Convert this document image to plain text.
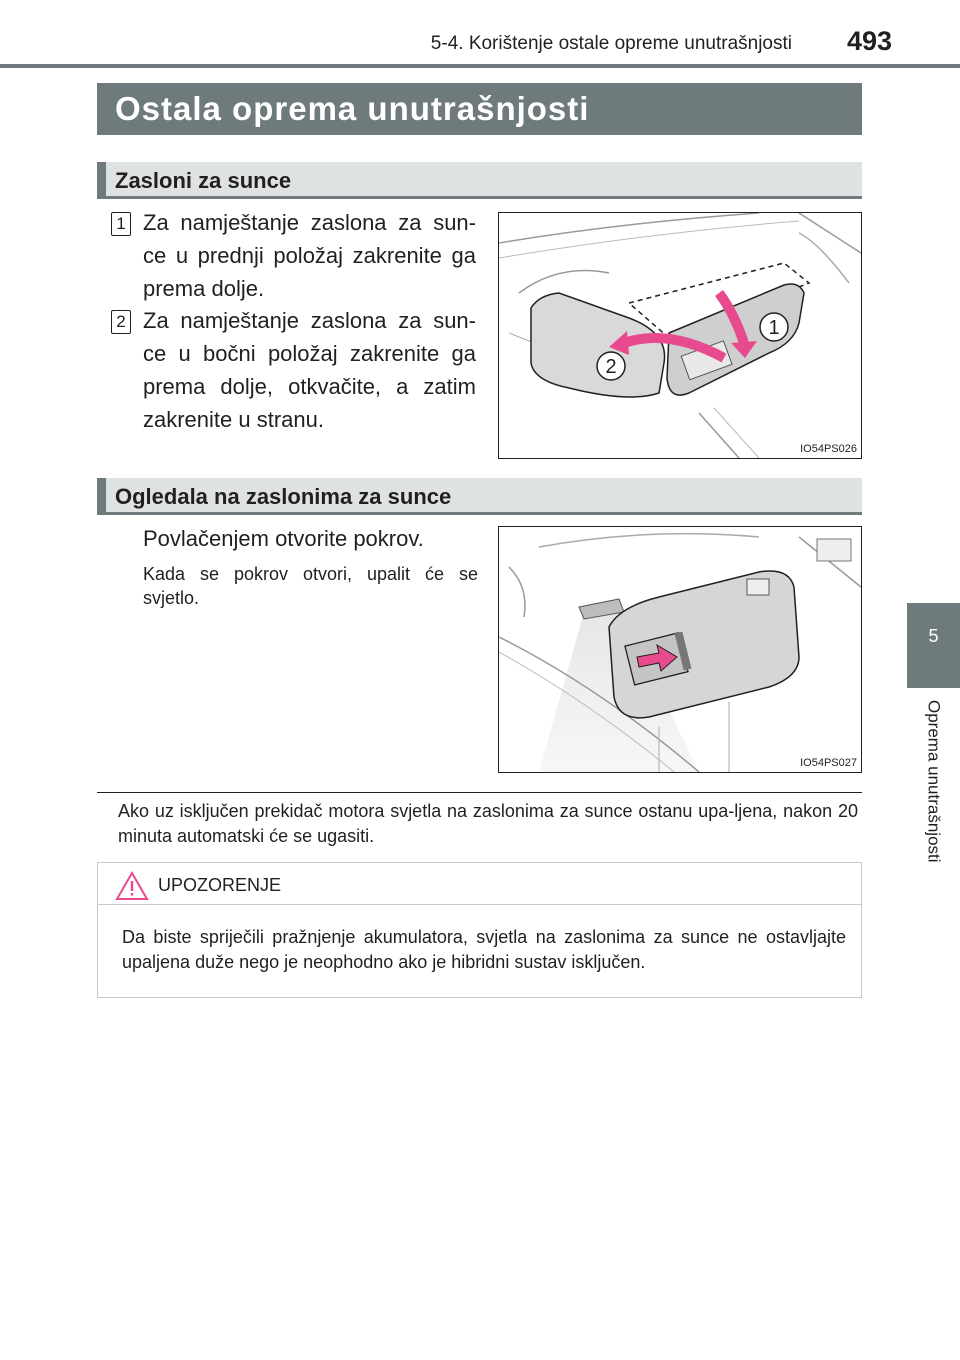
5-4. Korištenje ostale opreme unutrašnjosti 493
5
Oprema unutrašnjosti
Ostala oprema unutrašnjosti
Zasloni za sunce
1 Za namještanje zaslona za sun-ce u prednji položaj zakrenite ga prema dolje.
2 Za namještanje zaslona za sun-ce u bočni položaj zakrenite ga prema dolje, otkvačite, a zatim zakrenite u stranu.
1
2
IO54PS026
Ogledala na zaslonima za sunce
Povlačenjem otvorite pokrov.
Kada se pokrov otvori, upalit će se svjetlo.
IO54PS027
Ako uz isključen prekidač motora svjetla na zaslonima za sunce ostanu upa-ljena, nakon 20 minuta automatski će se ugasiti.
UPOZORENJE
Da biste spriječili pražnjenje akumulatora, svjetla na zaslonima za sunce ne ostavljajte upaljena duže nego je neophodno ako je hibridni sustav isključen.
